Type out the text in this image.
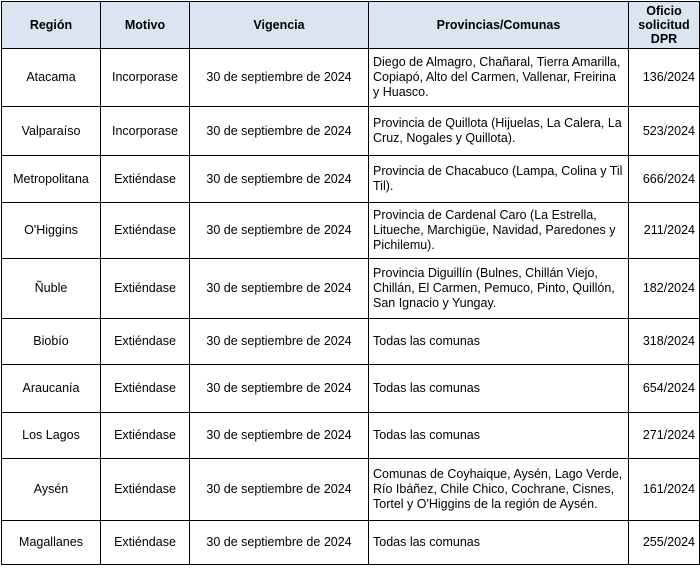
Región	Motivo	Vigencia	Provincias/Comunas	Oficio solicitud DPR
Atacama	Incorporase	30 de septiembre de 2024	Diego de Almagro, Chañaral, Tierra Amarilla, Copiapó, Alto del Carmen, Vallenar, Freirina y Huasco.	136/2024
Valparaíso	Incorporase	30 de septiembre de 2024	Provincia de Quillota (Hijuelas, La Calera, La Cruz, Nogales y Quillota).	523/2024
Metropolitana	Extiéndase	30 de septiembre de 2024	Provincia de Chacabuco (Lampa, Colina y Til Til).	666/2024
O'Higgins	Extiéndase	30 de septiembre de 2024	Provincia de Cardenal Caro (La Estrella, Litueche, Marchigüe, Navidad, Paredones y Pichilemu).	211/2024
Ñuble	Extiéndase	30 de septiembre de 2024	Provincia Diguillín (Bulnes, Chillán Viejo, Chillán, El Carmen, Pemuco, Pinto, Quillón, San Ignacio y Yungay.	182/2024
Biobío	Extiéndase	30 de septiembre de 2024	Todas las comunas	318/2024
Araucanía	Extiéndase	30 de septiembre de 2024	Todas las comunas	654/2024
Los Lagos	Extiéndase	30 de septiembre de 2024	Todas las comunas	271/2024
Aysén	Extiéndase	30 de septiembre de 2024	Comunas de Coyhaique, Aysén, Lago Verde, Río Ibáñez, Chile Chico, Cochrane, Cisnes, Tortel y O'Higgins de la región de Aysén.	161/2024
Magallanes	Extiéndase	30 de septiembre de 2024	Todas las comunas	255/2024
